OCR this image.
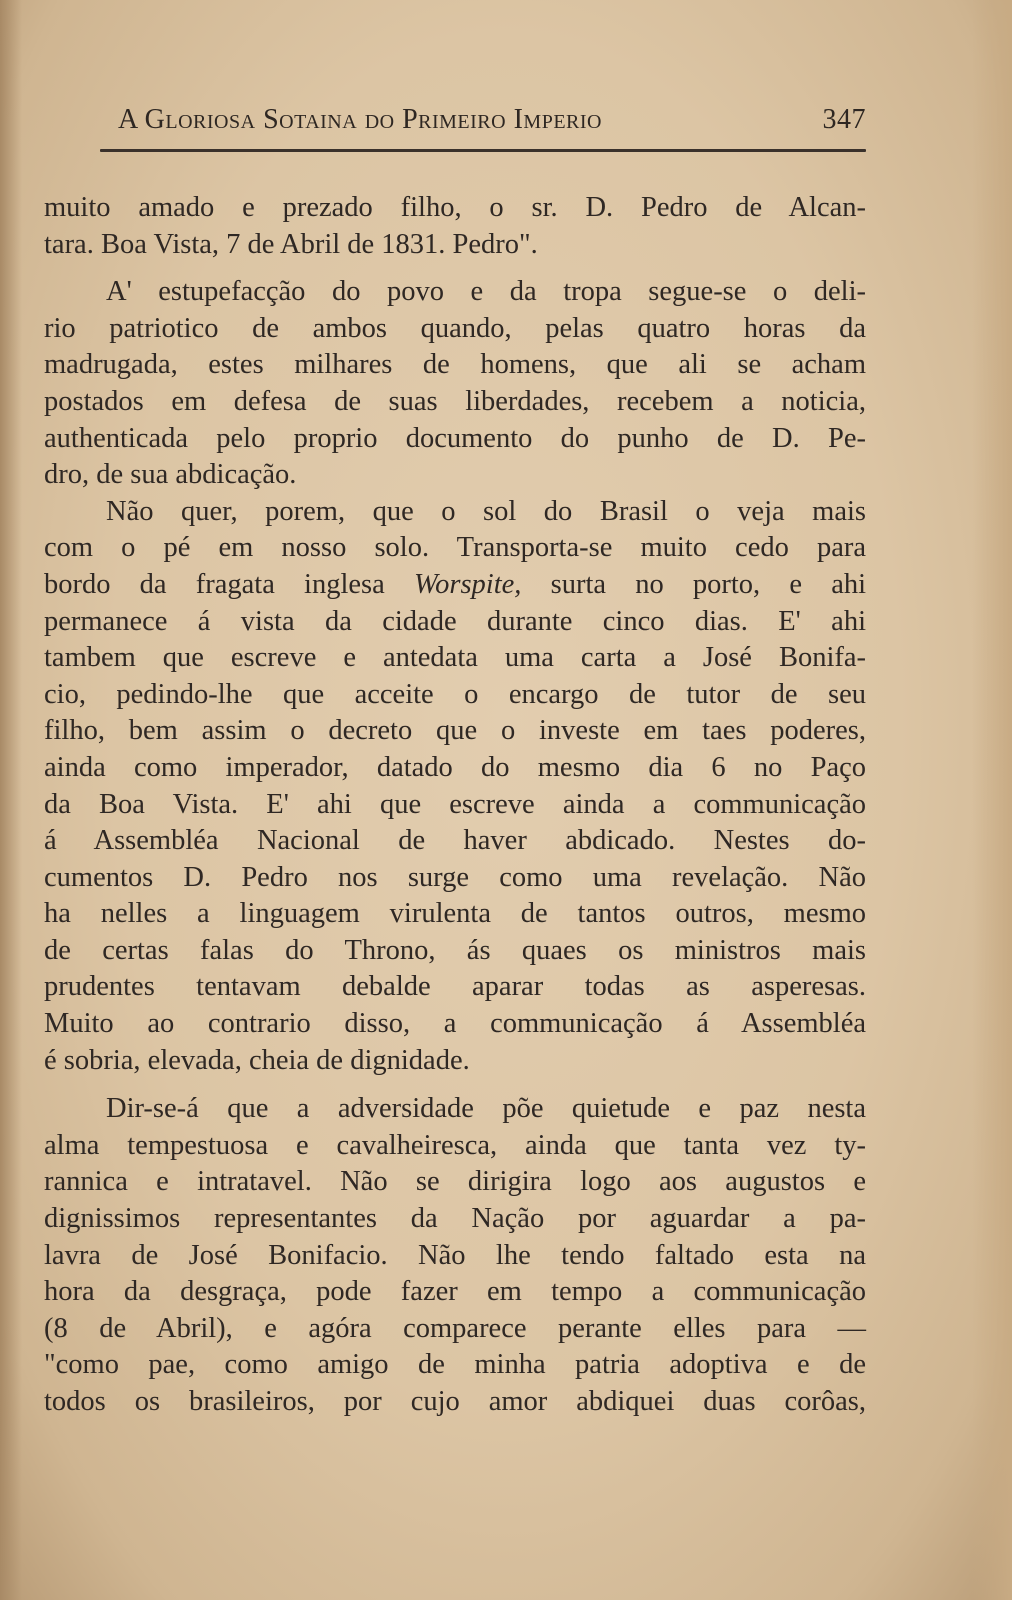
A Gloriosa Sotaina do Primeiro Imperio	347
muito amado e prezado filho, o sr. D. Pedro de Alcan-
tara. Boa Vista, 7 de Abril de 1831. Pedro".
A' estupefacção do povo e da tropa segue-se o deli-
rio patriotico de ambos quando, pelas quatro horas da
madrugada, estes milhares de homens, que ali se acham
postados em defesa de suas liberdades, recebem a noticia,
authenticada pelo proprio documento do punho de D. Pe-
dro, de sua abdicação.
Não quer, porem, que o sol do Brasil o veja mais
com o pé em nosso solo. Transporta-se muito cedo para
bordo da fragata inglesa Worspite, surta no porto, e ahi
permanece á vista da cidade durante cinco dias. E' ahi
tambem que escreve e antedata uma carta a José Bonifa-
cio, pedindo-lhe que acceite o encargo de tutor de seu
filho, bem assim o decreto que o investe em taes poderes,
ainda como imperador, datado do mesmo dia 6 no Paço
da Boa Vista. E' ahi que escreve ainda a communicação
á Assembléa Nacional de haver abdicado. Nestes do-
cumentos D. Pedro nos surge como uma revelação. Não
ha nelles a linguagem virulenta de tantos outros, mesmo
de certas falas do Throno, ás quaes os ministros mais
prudentes tentavam debalde aparar todas as asperesas.
Muito ao contrario disso, a communicação á Assembléa
é sobria, elevada, cheia de dignidade.
Dir-se-á que a adversidade põe quietude e paz nesta
alma tempestuosa e cavalheiresca, ainda que tanta vez ty-
rannica e intratavel. Não se dirigira logo aos augustos e
dignissimos representantes da Nação por aguardar a pa-
lavra de José Bonifacio. Não lhe tendo faltado esta na
hora da desgraça, pode fazer em tempo a communicação
(8 de Abril), e agóra comparece perante elles para —
"como pae, como amigo de minha patria adoptiva e de
todos os brasileiros, por cujo amor abdiquei duas corôas,
